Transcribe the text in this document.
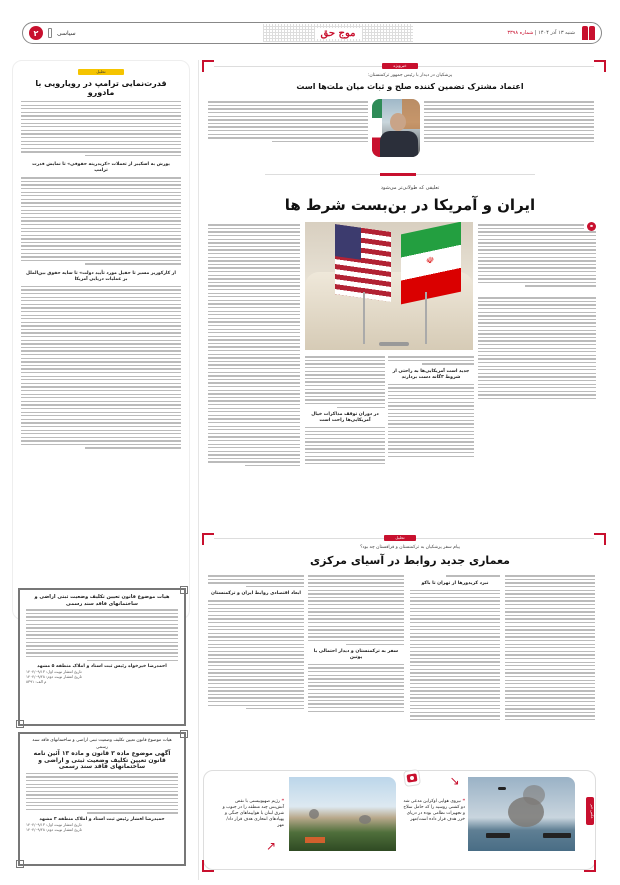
شنبه ۱۳ آذر ۱۴۰۴ | شماره ۳۳۹۸
موج حق
۲	سیاسی
خبرویژه
پزشکیان در دیدار با رئیس جمهور ترکمنستان:
اعتماد مشترک تضمین کننده صلح و ثبات میان ملت‌ها است
تعلیقی که طولانی‌تر می‌شود
ایران و آمریکا در بن‌بست شرط ها
⚭
☫
جدید است آمریکایی‌ها به راحتی از شروط ۳گانه دست بردارند
در دوران توقف مذاکرات خیال آمریکایی‌ها راحت است
تحلیل
پیام سفر پزشکیان به ترکمنستان و قزاقستان چه بود؟
معماری جدید روابط در آسیای مرکزی
نبرد کریدورها از تهران تا باکو
سفر به ترکمنستان و دیدار احتمالی با پوتین
ابعاد اقتصادی روابط ایران و ترکمنستان
عکس خبر
❝ نیروی هوایی اوکراین مدعی شد دو کشتی روسیه را که حامل سلاح و تجهیزات نظامی بوده در دریای خزر هدف قرار داده است/مهر
↗
❝ رژیم صهیونیستی با نقض آتش‌بس چند منطقه را در جنوب و شرق لبنان با هواپیماهای جنگی و پهپادهای انتحاری هدف قرار داد/مهر
↗
تحلیل
قدرت‌نمایی ترامپ در رویارویی با مادورو
یورش به اسکیبر از تعملات «کریدرینه حقوقی» تا نمایش قدرت ترامپ
از کارکوزیر مسیر تا حقیل مورد تأیید دولت» تا سایه حقوق بین‌الملل بر عملیات دریایی آمریکا
هیات موضوع قانون تعیین تکلیف وضعیت ثبتی اراضی و ساختمانهای فاقد سند رسمی
احمدرضا خیرخواه رئیس ثبت اسناد و املاک منطقه ۵ مشهد
تاریخ انتشار نوبت اول: ۱۴۰۴/۰۹/۱۳
تاریخ انتشار نوبت دوم: ۱۴۰۴/۰۹/۲۸
م الف: ۸۳۹۱
هیات موضوع قانون تعیین تکلیف وضعیت ثبتی اراضی و ساختمانهای فاقد سند رسمی
آگهی موضوع ماده ۳ قانون و ماده ۱۳ آئین نامه قانون تعیین تکلیف وضعیت ثبتی و اراضی و ساختمانهای فاقد سند رسمی
حمیدرضا افشار رئیس ثبت اسناد و املاک منطقه ۳ مشهد
تاریخ انتشار نوبت اول: ۱۴۰۴/۰۹/۱۳
تاریخ انتشار نوبت دوم: ۱۴۰۴/۰۹/۲۸
